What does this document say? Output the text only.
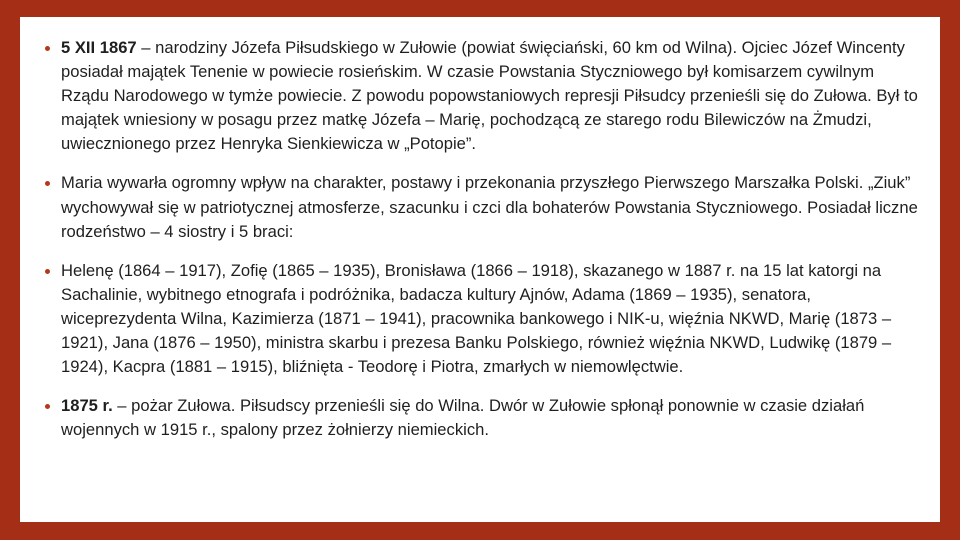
5 XII 1867 – narodziny Józefa Piłsudskiego w Zułowie (powiat święciański, 60 km od Wilna). Ojciec Józef Wincenty posiadał majątek Tenenie w powiecie rosieńskim. W czasie Powstania Styczniowego był komisarzem cywilnym Rządu Narodowego w tymże powiecie. Z powodu popowstaniowych represji Piłsudcy przenieśli się do Zułowa. Był to majątek wniesiony w posagu przez matkę Józefa – Marię, pochodzącą ze starego rodu Bilewiczów na Żmudzi, uwiecznionego przez Henryka Sienkiewicza w „Potopie”.
Maria wywarła ogromny wpływ na charakter, postawy i przekonania przyszłego Pierwszego Marszałka Polski. „Ziuk” wychowywał się w patriotycznej atmosferze, szacunku i czci dla bohaterów Powstania Styczniowego. Posiadał liczne rodzeństwo – 4 siostry i 5 braci:
Helenę (1864 – 1917), Zofię (1865 – 1935), Bronisława (1866 – 1918), skazanego w 1887 r. na 15 lat katorgi na Sachalinie, wybitnego etnografa i podróżnika, badacza kultury Ajnów, Adama (1869 – 1935), senatora, wiceprezydenta Wilna, Kazimierza (1871 – 1941), pracownika bankowego i NIK-u, więźnia NKWD, Marię (1873 – 1921), Jana (1876 – 1950), ministra skarbu i prezesa Banku Polskiego, również więźnia NKWD, Ludwikę (1879 – 1924), Kacpra (1881 – 1915), bliźnięta - Teodorę i Piotra, zmarłych w niemowlęctwie.
1875 r. – pożar Zułowa. Piłsudscy przenieśli się do Wilna. Dwór w Zułowie spłonął ponownie w czasie działań wojennych w 1915 r., spalony przez żołnierzy niemieckich.
